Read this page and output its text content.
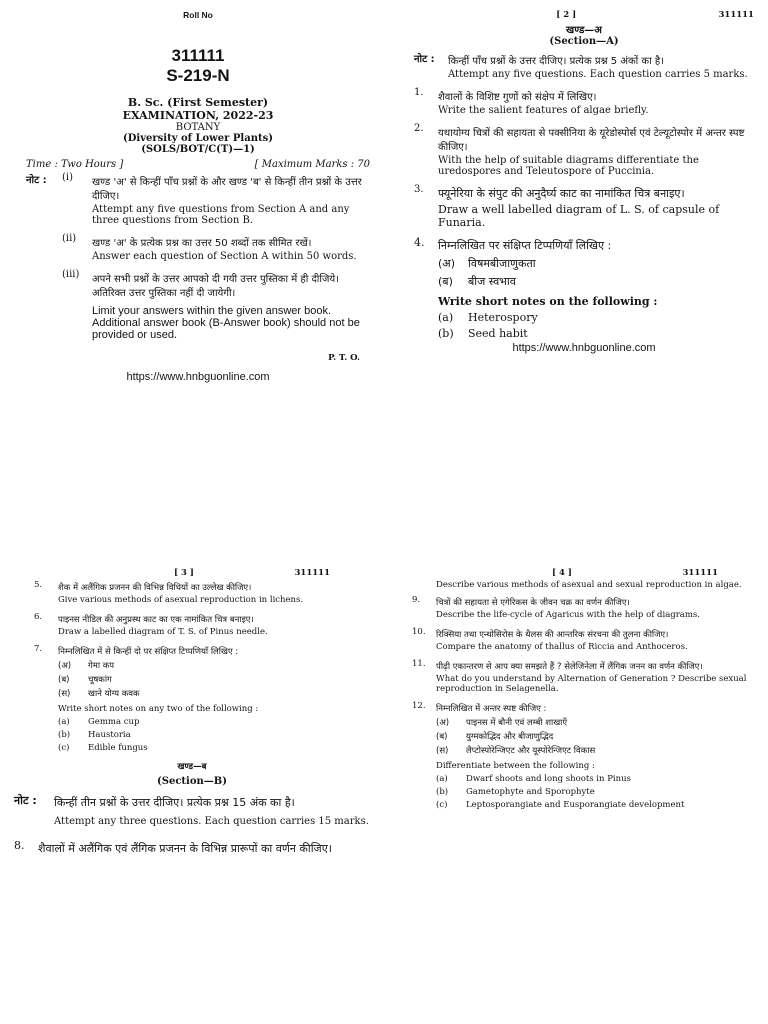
Roll No
311111
S-219-N
B. Sc. (First Semester)
EXAMINATION, 2022-23
BOTANY
(Diversity of Lower Plants)
(SOLS/BOT/C(T)—1)
Time : Two Hours ]	[ Maximum Marks : 70
नोट :	(i)	खण्ड 'अ' से किन्हीं पाँच प्रश्नों के और खण्ड 'ब' से किन्हीं तीन प्रश्नों के उत्तर दीजिए।

Attempt any five questions from Section A and any three questions from Section B.

(ii)	खण्ड 'अ' के प्रत्येक प्रश्न का उत्तर 50 शब्दों तक सीमित रखें।

Answer each question of Section A within 50 words.

(iii)	अपने सभी प्रश्नों के उत्तर आपको दी गयी उत्तर पुस्तिका में ही दीजिये। अतिरिक्त उत्तर पुस्तिका नहीं दी जायेगी।

Limit your answers within the given answer book. Additional answer book (B-Answer book) should not be provided or used.

P. T. O.
https://www.hnbguonline.com
[ 2 ]	311111
खण्ड—अ
(Section—A)
नोट :	किन्हीं पाँच प्रश्नों के उत्तर दीजिए। प्रत्येक प्रश्न 5 अंकों का है।

Attempt any five questions. Each question carries 5 marks.

1.	शैवालों के विशिष्ट गुणों को संक्षेप में लिखिए।

Write the salient features of algae briefly.

2.	यथायोग्य चित्रों की सहायता से पक्सीनिया के यूरेडोस्पोर्स एवं टेल्यूटोस्पोर में अन्तर स्पष्ट कीजिए।

With the help of suitable diagrams differentiate the uredospores and Teleutospore of Puccinia.

3.	फ्यूनेरिया के संपुट की अनुदैर्घ्य काट का नामांकित चित्र बनाइए।

Draw a well labelled diagram of L. S. of capsule of Funaria.

4.	निम्नलिखित पर संक्षिप्त टिप्पणियाँ लिखिए :

(अ)	विषमबीजाणुकता
(ब)	बीज स्वभाव

Write short notes on the following :

(a)	Heterospory
(b)	Seed habit
https://www.hnbguonline.com
[ 3 ]	311111
5.	शैक में अलैंगिक प्रजनन की विभिन्न विधियों का उल्लेख कीजिए।

Give various methods of asexual reproduction in lichens.

6.	पाइनस नीडिल की अनुप्रस्थ काट का एक नामांकित चित्र बनाइए।

Draw a labelled diagram of T. S. of Pinus needle.

7.	निम्नलिखित में से किन्हीं दो पर संक्षिप्त टिप्पणियाँ लिखिए :

(अ)	गेमा कप
(ब)	चूषकांग
(स)	खाने योग्य कवक

Write short notes on any two of the following :

(a)	Gemma cup
(b)	Haustoria
(c)	Edible fungus
खण्ड—ब
(Section—B)
नोट :	किन्हीं तीन प्रश्नों के उत्तर दीजिए। प्रत्येक प्रश्न 15 अंक का है।

Attempt any three questions. Each question carries 15 marks.

8.	शैवालों में अलैंगिक एवं लैंगिक प्रजनन के विभिन्न प्रारूपों का वर्णन कीजिए।

[ 4 ]	311111

Describe various methods of asexual and sexual reproduction in algae.

9.	चित्रों की सहायता से एगेरिकस के जीवन चक्र का वर्णन कीजिए।

Describe the life-cycle of Agaricus with the help of diagrams.

10.	रिक्सिया तथा एन्थोसिरोस के थैलस की आन्तरिक संरचना की तुलना कीजिए।

Compare the anatomy of thallus of Riccia and Anthoceros.

11.	पीढ़ी एकान्तरण से आप क्या समझते हैं ? सेलेजिनेला में लैंगिक जनन का वर्णन कीजिए।

What do you understand by Alternation of Generation ? Describe sexual reproduction in Selagenella.

12.	निम्नलिखित में अन्तर स्पष्ट कीजिए :

(अ)	पाइनस में बौनी एवं लम्बी शाखाएँ
(ब)	युग्मकोद्भिद और बीजाणुद्भिद
(स)	लैप्टोस्पोरेन्जिएट और यूस्पोरेन्जिएट विकास

Differentiate between the following :

(a)	Dwarf shoots and long shoots in Pinus
(b)	Gametophyte and Sporophyte
(c)	Leptosporangiate and Eusporangiate development
